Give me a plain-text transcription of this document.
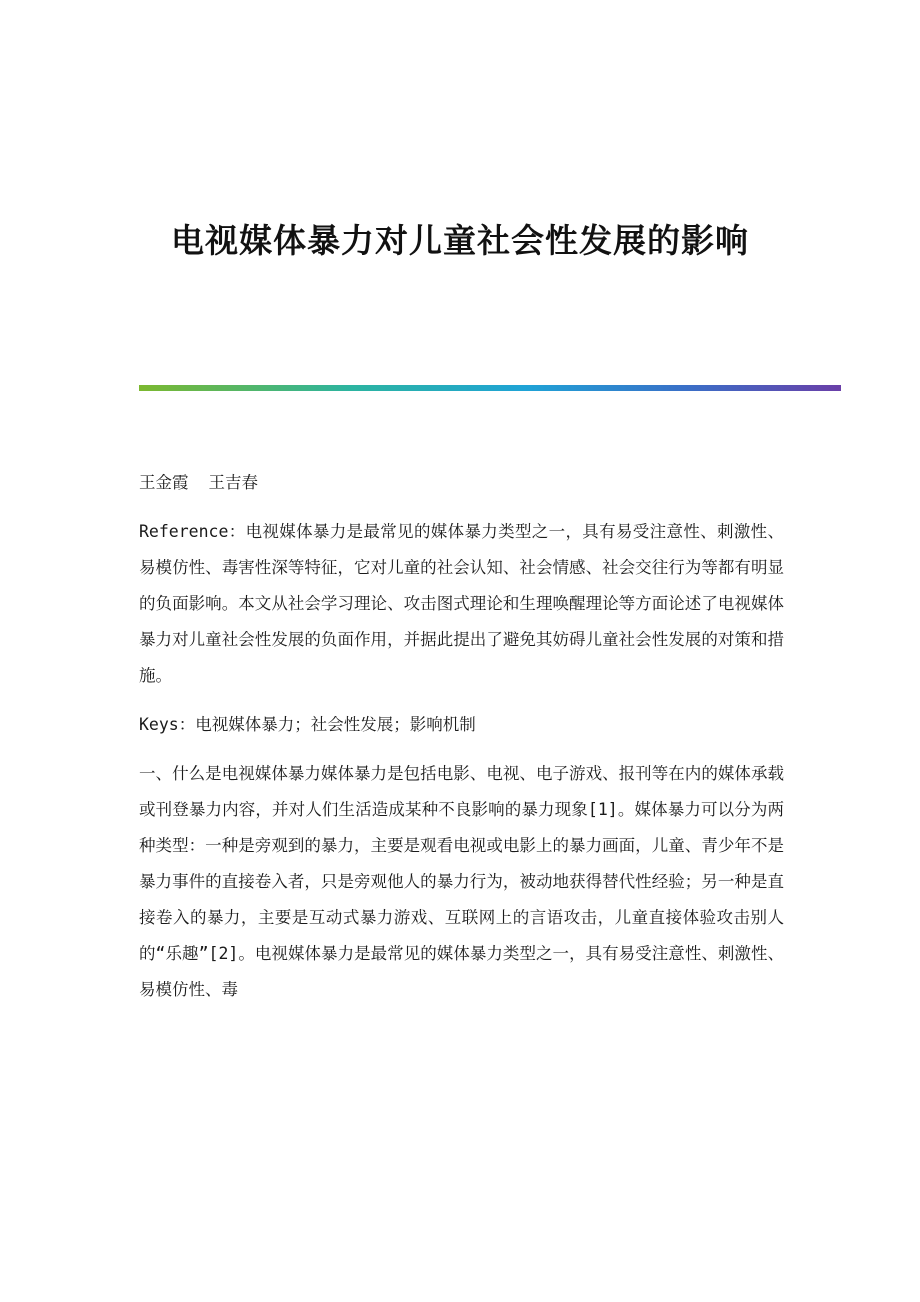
电视媒体暴力对儿童社会性发展的影响

王金霞 王吉春

Reference：电视媒体暴力是最常见的媒体暴力类型之一，具有易受注意性、刺激性、易模仿性、毒害性深等特征，它对儿童的社会认知、社会情感、社会交往行为等都有明显的负面影响。本文从社会学习理论、攻击图式理论和生理唤醒理论等方面论述了电视媒体暴力对儿童社会性发展的负面作用，并据此提出了避免其妨碍儿童社会性发展的对策和措施。

Keys：电视媒体暴力；社会性发展；影响机制

一、什么是电视媒体暴力媒体暴力是包括电影、电视、电子游戏、报刊等在内的媒体承载或刊登暴力内容，并对人们生活造成某种不良影响的暴力现象[1]。媒体暴力可以分为两种类型：一种是旁观到的暴力，主要是观看电视或电影上的暴力画面，儿童、青少年不是暴力事件的直接卷入者，只是旁观他人的暴力行为，被动地获得替代性经验；另一种是直接卷入的暴力，主要是互动式暴力游戏、互联网上的言语攻击，儿童直接体验攻击别人的“乐趣”[2]。电视媒体暴力是最常见的媒体暴力类型之一，具有易受注意性、刺激性、易模仿性、毒
